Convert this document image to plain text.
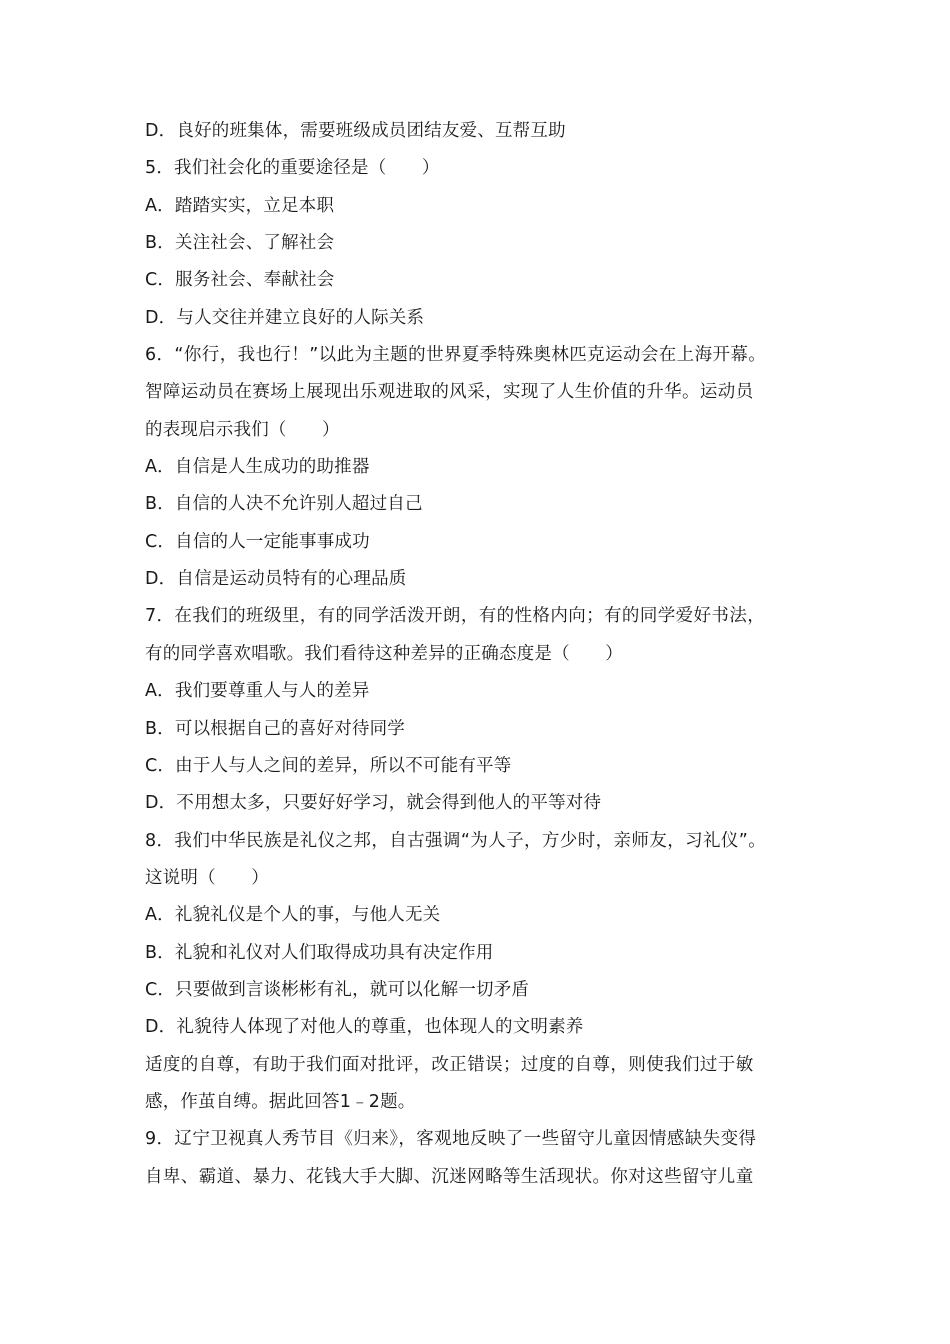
D．良好的班集体，需要班级成员团结友爱、互帮互助
5．我们社会化的重要途径是（　　）
A．踏踏实实，立足本职
B．关注社会、了解社会
C．服务社会、奉献社会
D．与人交往并建立良好的人际关系
6．“你行，我也行！”以此为主题的世界夏季特殊奥林匹克运动会在上海开幕。
智障运动员在赛场上展现出乐观进取的风采，实现了人生价值的升华。运动员
的表现启示我们（　　）
A．自信是人生成功的助推器
B．自信的人决不允许别人超过自己
C．自信的人一定能事事成功
D．自信是运动员特有的心理品质
7．在我们的班级里，有的同学活泼开朗，有的性格内向；有的同学爱好书法，
有的同学喜欢唱歌。我们看待这种差异的正确态度是（　　）
A．我们要尊重人与人的差异
B．可以根据自己的喜好对待同学
C．由于人与人之间的差异，所以不可能有平等
D．不用想太多，只要好好学习，就会得到他人的平等对待
8．我们中华民族是礼仪之邦，自古强调“为人子，方少时，亲师友，习礼仪”。
这说明（　　）
A．礼貌礼仪是个人的事，与他人无关
B．礼貌和礼仪对人们取得成功具有决定作用
C．只要做到言谈彬彬有礼，就可以化解一切矛盾
D．礼貌待人体现了对他人的尊重，也体现人的文明素养
适度的自尊，有助于我们面对批评，改正错误；过度的自尊，则使我们过于敏
感，作茧自缚。据此回答1﹣2题。
9．辽宁卫视真人秀节目《归来》，客观地反映了一些留守儿童因情感缺失变得
自卑、霸道、暴力、花钱大手大脚、沉迷网略等生活现状。你对这些留守儿童
